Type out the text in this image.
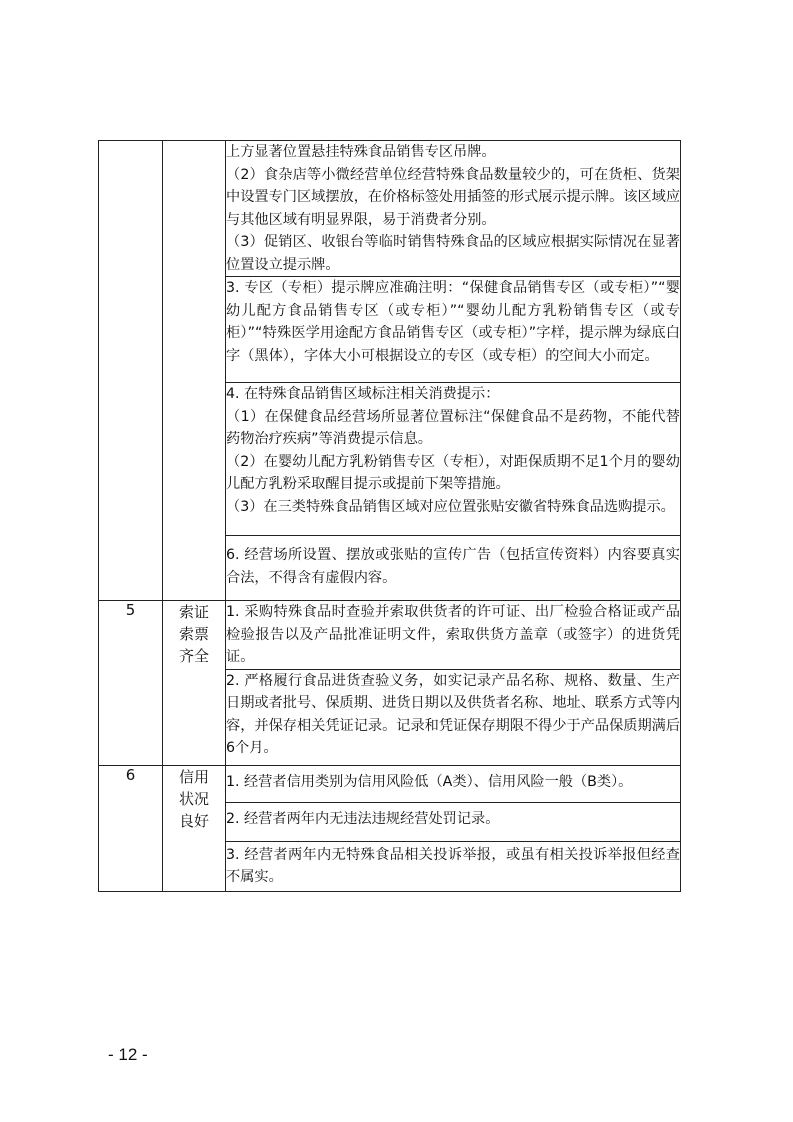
		上方显著位置悬挂特殊食品销售专区吊牌。

（2）食杂店等小微经营单位经营特殊食品数量较少的，可在货柜、货架中设置专门区域摆放，在价格标签处用插签的形式展示提示牌。该区域应与其他区域有明显界限，易于消费者分别。

（3）促销区、收银台等临时销售特殊食品的区域应根据实际情况在显著位置设立提示牌。

		3. 专区（专柜）提示牌应准确注明：“保健食品销售专区（或专柜）”“婴幼儿配方食品销售专区（或专柜）”“婴幼儿配方乳粉销售专区（或专柜）”“特殊医学用途配方食品销售专区（或专柜）”字样，提示牌为绿底白字（黑体），字体大小可根据设立的专区（或专柜）的空间大小而定。

		4. 在特殊食品销售区域标注相关消费提示：

（1）在保健食品经营场所显著位置标注“保健食品不是药物，不能代替药物治疗疾病”等消费提示信息。

（2）在婴幼儿配方乳粉销售专区（专柜），对距保质期不足1个月的婴幼儿配方乳粉采取醒目提示或提前下架等措施。

（3）在三类特殊食品销售区域对应位置张贴安徽省特殊食品选购提示。

		6. 经营场所设置、摆放或张贴的宣传广告（包括宣传资料）内容要真实合法，不得含有虚假内容。

5	索证索票齐全	1. 采购特殊食品时查验并索取供货者的许可证、出厂检验合格证或产品检验报告以及产品批准证明文件，索取供货方盖章（或签字）的进货凭证。

		2. 严格履行食品进货查验义务，如实记录产品名称、规格、数量、生产日期或者批号、保质期、进货日期以及供货者名称、地址、联系方式等内容，并保存相关凭证记录。记录和凭证保存期限不得少于产品保质期满后6个月。

6	信用状况良好	1. 经营者信用类别为信用风险低（A类）、信用风险一般（B类）。

		2. 经营者两年内无违法违规经营处罚记录。

		3. 经营者两年内无特殊食品相关投诉举报，或虽有相关投诉举报但经查不属实。

- 12 -
